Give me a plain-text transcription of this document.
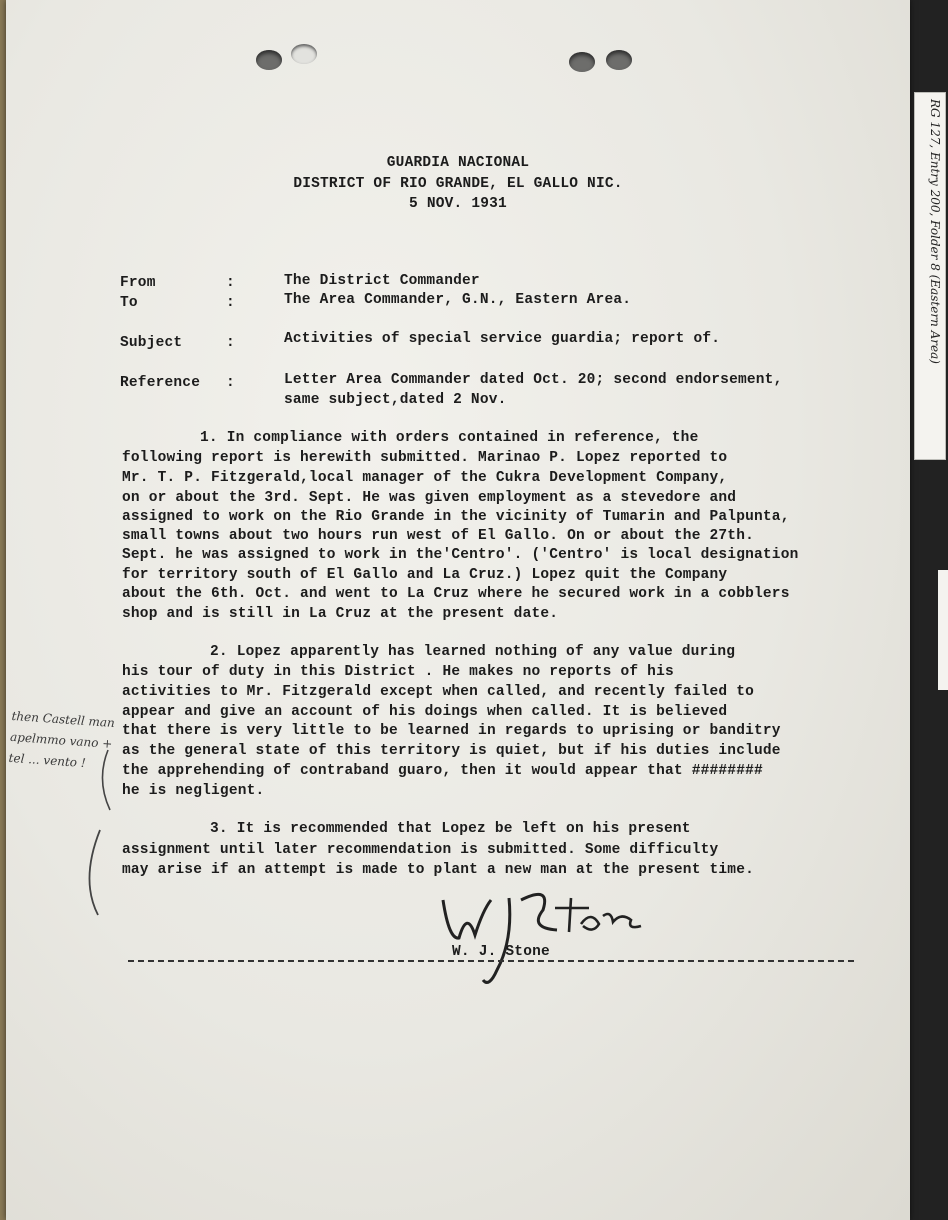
GUARDIA NACIONAL
DISTRICT OF RIO GRANDE, EL GALLO NIC.
5 NOV. 1931
From	:	The District Commander
To	:	The Area Commander, G.N., Eastern Area.
Subject	:	Activities of special service guardia; report of.
Reference :	Letter Area Commander dated Oct. 20; second endorsement,
same subject,dated 2 Nov.
1. In compliance with orders contained in reference, the
following report is herewith submitted. Marinao P. Lopez reported to
Mr. T. P. Fitzgerald,local manager of the Cukra Development Company,
on or about the 3rd. Sept. He was given employment as a stevedore and
assigned to work on the Rio Grande in the vicinity of Tumarin and Palpunta,
small towns about two hours run west of El Gallo. On or about the 27th.
Sept. he was assigned to work in the'Centro'. ('Centro' is local designation
for territory south of El Gallo and La Cruz.) Lopez quit the Company
about the 6th. Oct. and went to La Cruz where he secured work in a cobblers
shop and is still in La Cruz at the present date.
2. Lopez apparently has learned nothing of any value during
his tour of duty in this District . He makes no reports of his
activities to Mr. Fitzgerald except when called, and recently failed to
appear and give an account of his doings when called. It is believed
that there is very little to be learned in regards to uprising or banditry
as the general state of this territory is quiet, but if his duties include
the apprehending of contraband guaro, then it would appear that ########
he is negligent.
3. It is recommended that Lopez be left on his present
assignment until later recommendation is submitted. Some difficulty
may arise if an attempt is made to plant a new man at the present time.
then Castell man apelmmo vano + tel ... vento !
W. J. Stone
RG 127, Entry 200, Folder 8 (Eastern Area)
